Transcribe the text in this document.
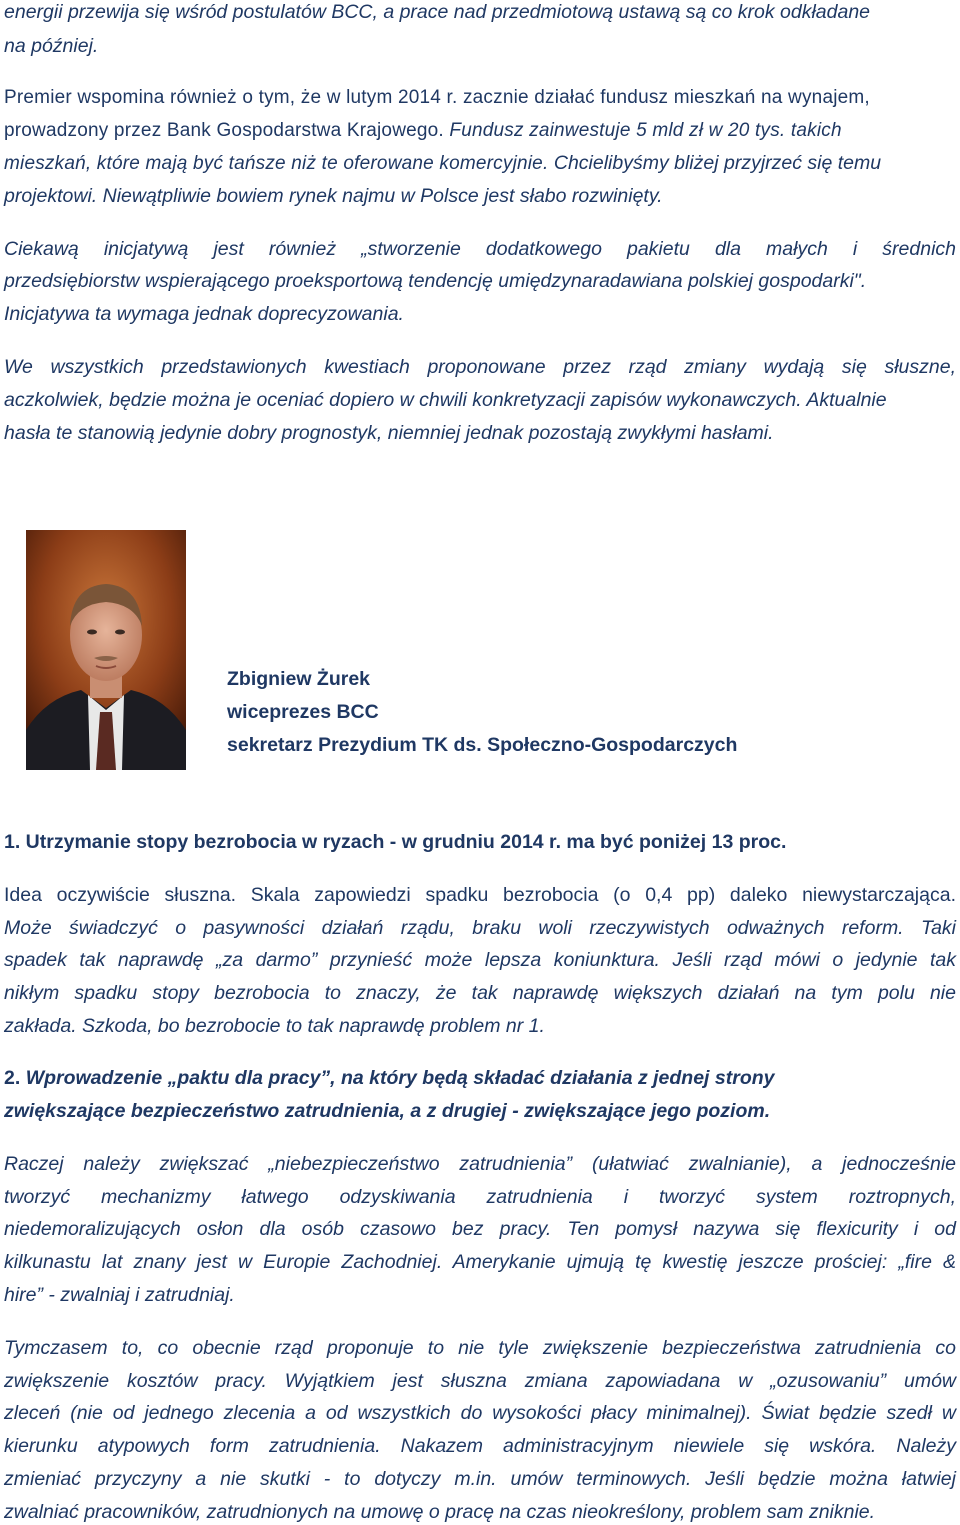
energii przewija się wśród postulatów BCC, a prace nad przedmiotową ustawą są co krok odkładane
na później.
Premier wspomina również o tym, że w lutym 2014 r. zacznie działać fundusz mieszkań na wynajem,
prowadzony przez Bank Gospodarstwa Krajowego. Fundusz zainwestuje 5 mld zł w 20 tys. takich
mieszkań, które mają być tańsze niż te oferowane komercyjnie. Chcielibyśmy bliżej przyjrzeć się temu
projektowi. Niewątpliwie bowiem rynek najmu w Polsce jest słabo rozwinięty.
Ciekawą inicjatywą jest również „stworzenie dodatkowego pakietu dla małych i średnich
przedsiębiorstw wspierającego proeksportową tendencję umiędzynaradawiana polskiej gospodarki".
Inicjatywa ta wymaga jednak doprecyzowania.
We wszystkich przedstawionych kwestiach proponowane przez rząd zmiany wydają się słuszne,
aczkolwiek, będzie można je oceniać dopiero w chwili konkretyzacji zapisów wykonawczych. Aktualnie
hasła te stanowią jedynie dobry prognostyk, niemniej jednak pozostają zwykłymi hasłami.
Zbigniew Żurek
wiceprezes BCC
sekretarz Prezydium TK ds. Społeczno-Gospodarczych
1. Utrzymanie stopy bezrobocia w ryzach - w grudniu 2014 r. ma być poniżej 13 proc.
Idea oczywiście słuszna. Skala zapowiedzi spadku bezrobocia (o 0,4 pp) daleko niewystarczająca.
Może świadczyć o pasywności działań rządu, braku woli rzeczywistych odważnych reform. Taki
spadek tak naprawdę „za darmo” przynieść może lepsza koniunktura. Jeśli rząd mówi o jedynie tak
nikłym spadku stopy bezrobocia to znaczy, że tak naprawdę większych działań na tym polu nie
zakłada. Szkoda, bo bezrobocie to tak naprawdę problem nr 1.
2. Wprowadzenie „paktu dla pracy”, na który będą składać działania z jednej strony
zwiększające bezpieczeństwo zatrudnienia, a z drugiej - zwiększające jego poziom.
Raczej należy zwiększać „niebezpieczeństwo zatrudnienia” (ułatwiać zwalnianie), a jednocześnie
tworzyć mechanizmy łatwego odzyskiwania zatrudnienia i tworzyć system roztropnych,
niedemoralizujących osłon dla osób czasowo bez pracy. Ten pomysł nazywa się flexicurity i od
kilkunastu lat znany jest w Europie Zachodniej. Amerykanie ujmują tę kwestię jeszcze prościej: „fire &
hire” - zwalniaj i zatrudniaj.
Tymczasem to, co obecnie rząd proponuje to nie tyle zwiększenie bezpieczeństwa zatrudnienia co
zwiększenie kosztów pracy. Wyjątkiem jest słuszna zmiana zapowiadana w „ozusowaniu” umów
zleceń (nie od jednego zlecenia a od wszystkich do wysokości płacy minimalnej). Świat będzie szedł w
kierunku atypowych form zatrudnienia. Nakazem administracyjnym niewiele się wskóra. Należy
zmieniać przyczyny a nie skutki - to dotyczy m.in. umów terminowych. Jeśli będzie można łatwiej
zwalniać pracowników, zatrudnionych na umowę o pracę na czas nieokreślony, problem sam zniknie.
